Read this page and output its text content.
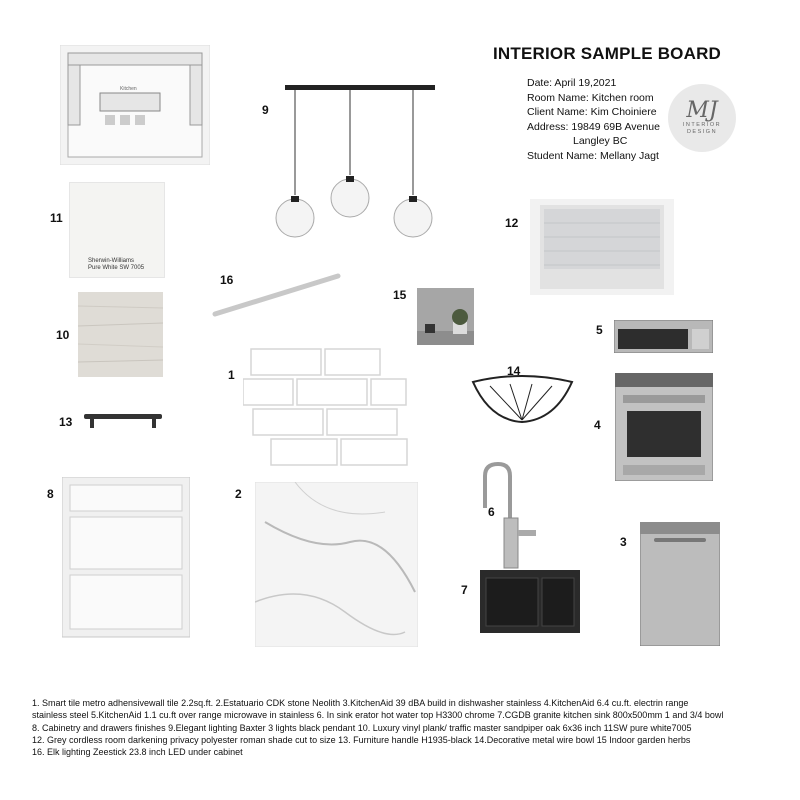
INTERIOR SAMPLE BOARD
Date: April 19,2021
Room Name: Kitchen room
Client Name: Kim Choiniere
Address: 19849 69B Avenue
Langley BC
Student Name: Mellany Jagt
MJ
INTERIOR
DESIGN
Kitchen
9
11
Sherwin-Williams
Pure White SW 7005
12
16
10
15
5
1	14
4
13
8	2
6
3
7
1. Smart tile metro adhensivewall tile 2.2sq.ft. 2.Estatuario CDK stone Neolith 3.KitchenAid 39 dBA build in dishwasher stainless 4.KitchenAid 6.4 cu.ft. electrin range
stainless steel 5.KitchenAid 1.1 cu.ft over range microwave in stainless 6. In sink erator hot water top H3300 chrome 7.CGDB granite kitchen sink 800x500mm 1 and 3/4 bowl
8. Cabinetry and drawers finishes 9.Elegant lighting Baxter 3 lights black pendant 10. Luxury vinyl plank/ traffic master sandpiper oak 6x36 inch 11SW pure white7005
12. Grey cordless room darkening privacy polyester roman shade cut to size 13. Furniture handle H1935-black 14.Decorative metal wire bowl 15 Indoor garden herbs
16. Elk lighting Zeestick 23.8 inch LED under cabinet
